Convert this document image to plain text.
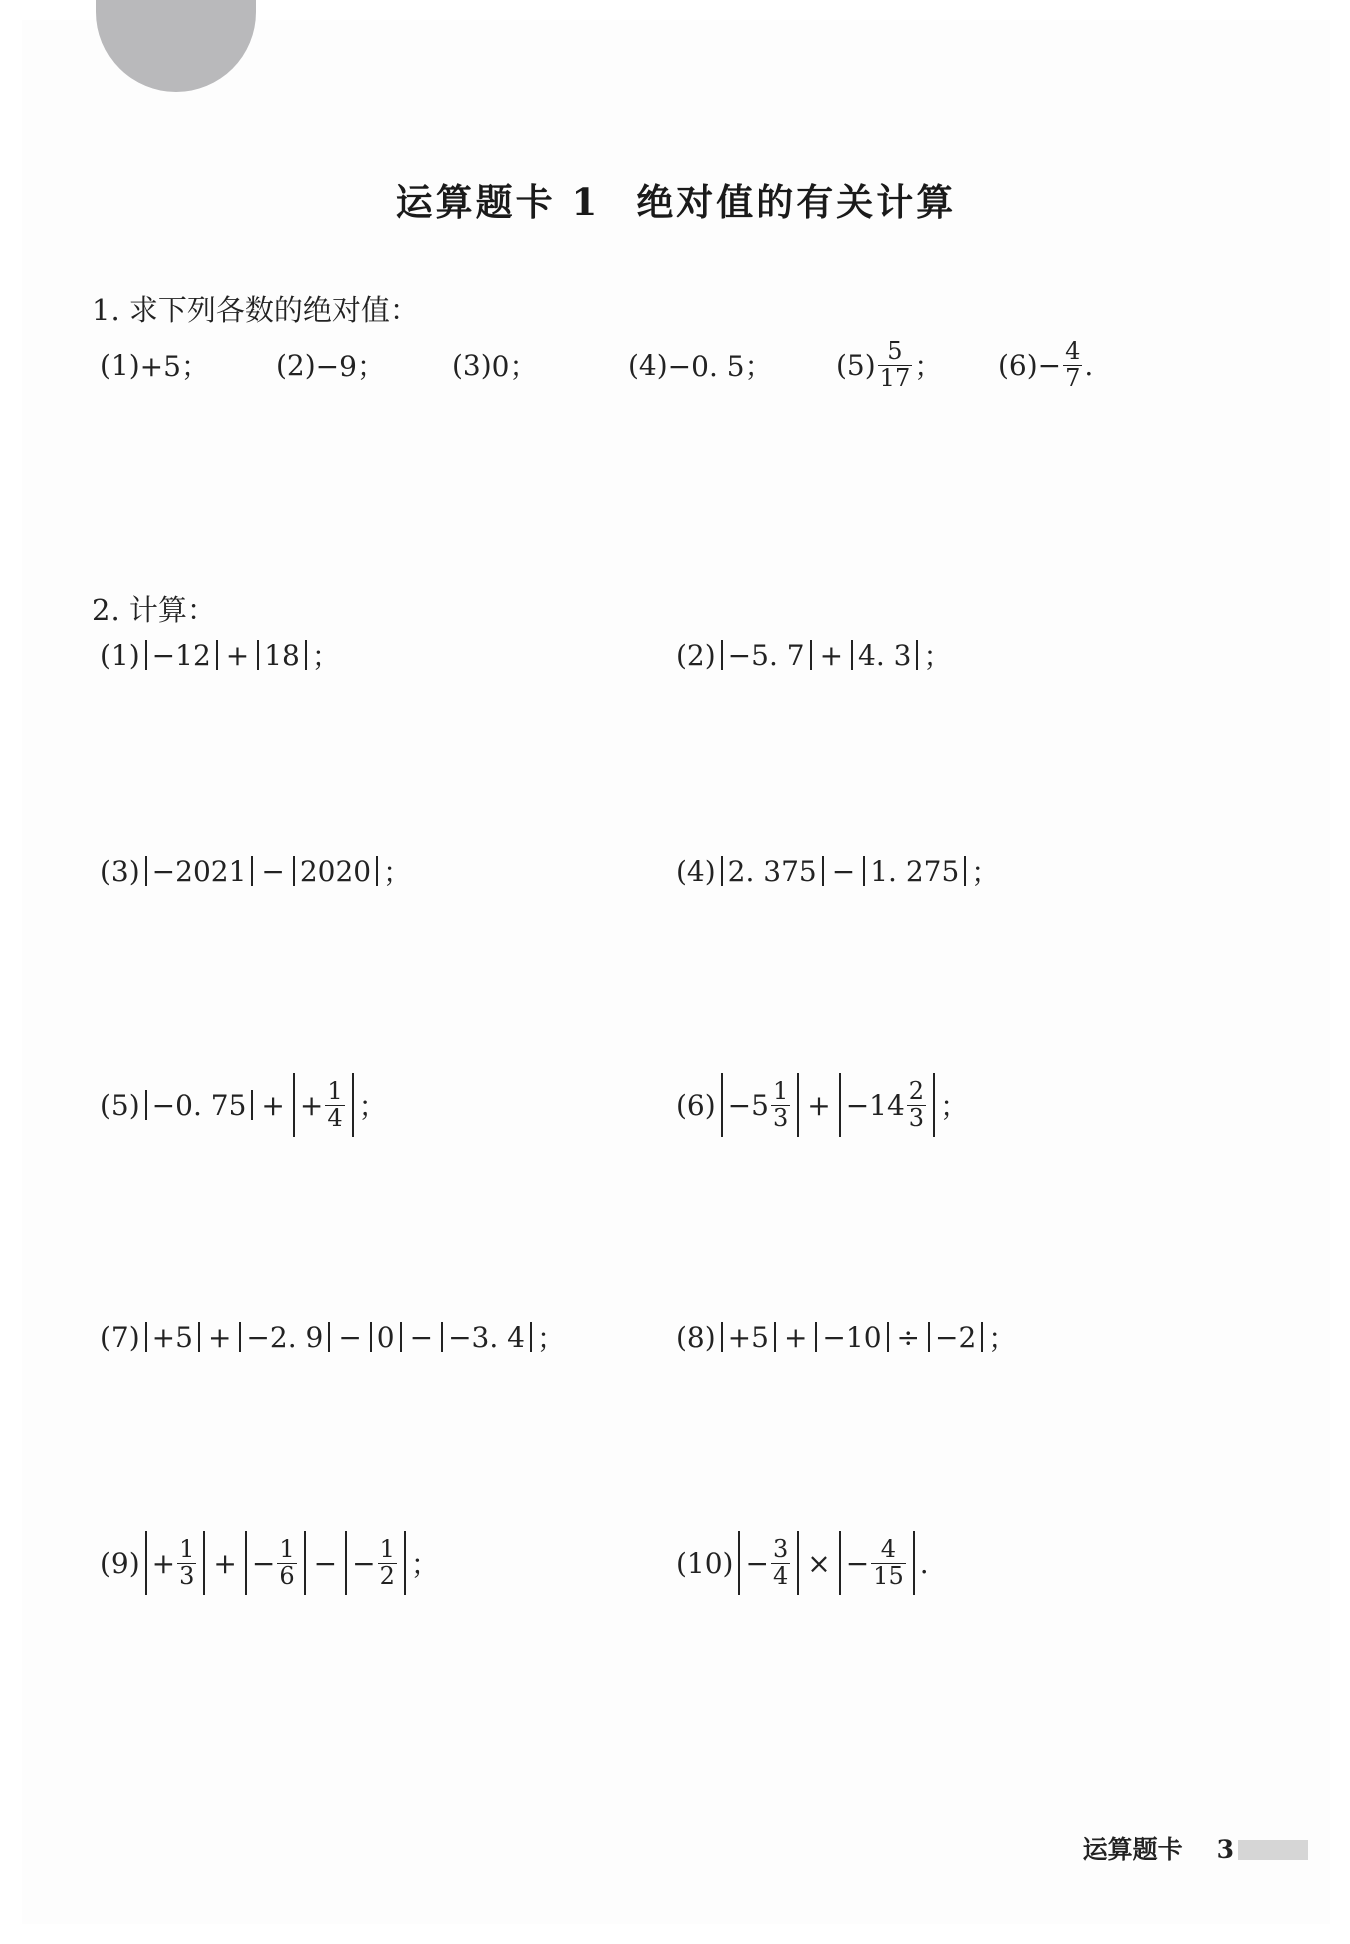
运算题卡 1 绝对值的有关计算
1. 求下列各数的绝对值：
(1) +5； (2) −9； (3) 0；	(4) −0. 5； $(5) \frac{5}{17}$ ； $(6) - \frac{4}{7}$ .
2. 计算：
(1) −12 + 18 ；	(2) −5. 7 + 4. 3 ；
(3) −2021 − 2020 ；	(4) 2. 375 − 1. 275 ；
(5) −0. 75 + + $\frac{1}{4}$ ；	$(6) -5 \frac{1}{3} + -14 \frac{2}{3}$ ；
(7) +5 + −2. 9 − 0 − −3. 4 ；	(8) +5 + −10 ÷ −2 ；
$(9) + \frac{1}{3}$ + − $\frac{1}{6}$ − − $\frac{1}{2}$ ；	$(10) - \frac{3}{4}$ × − $\frac{4}{15}$ .
运算题卡 3
